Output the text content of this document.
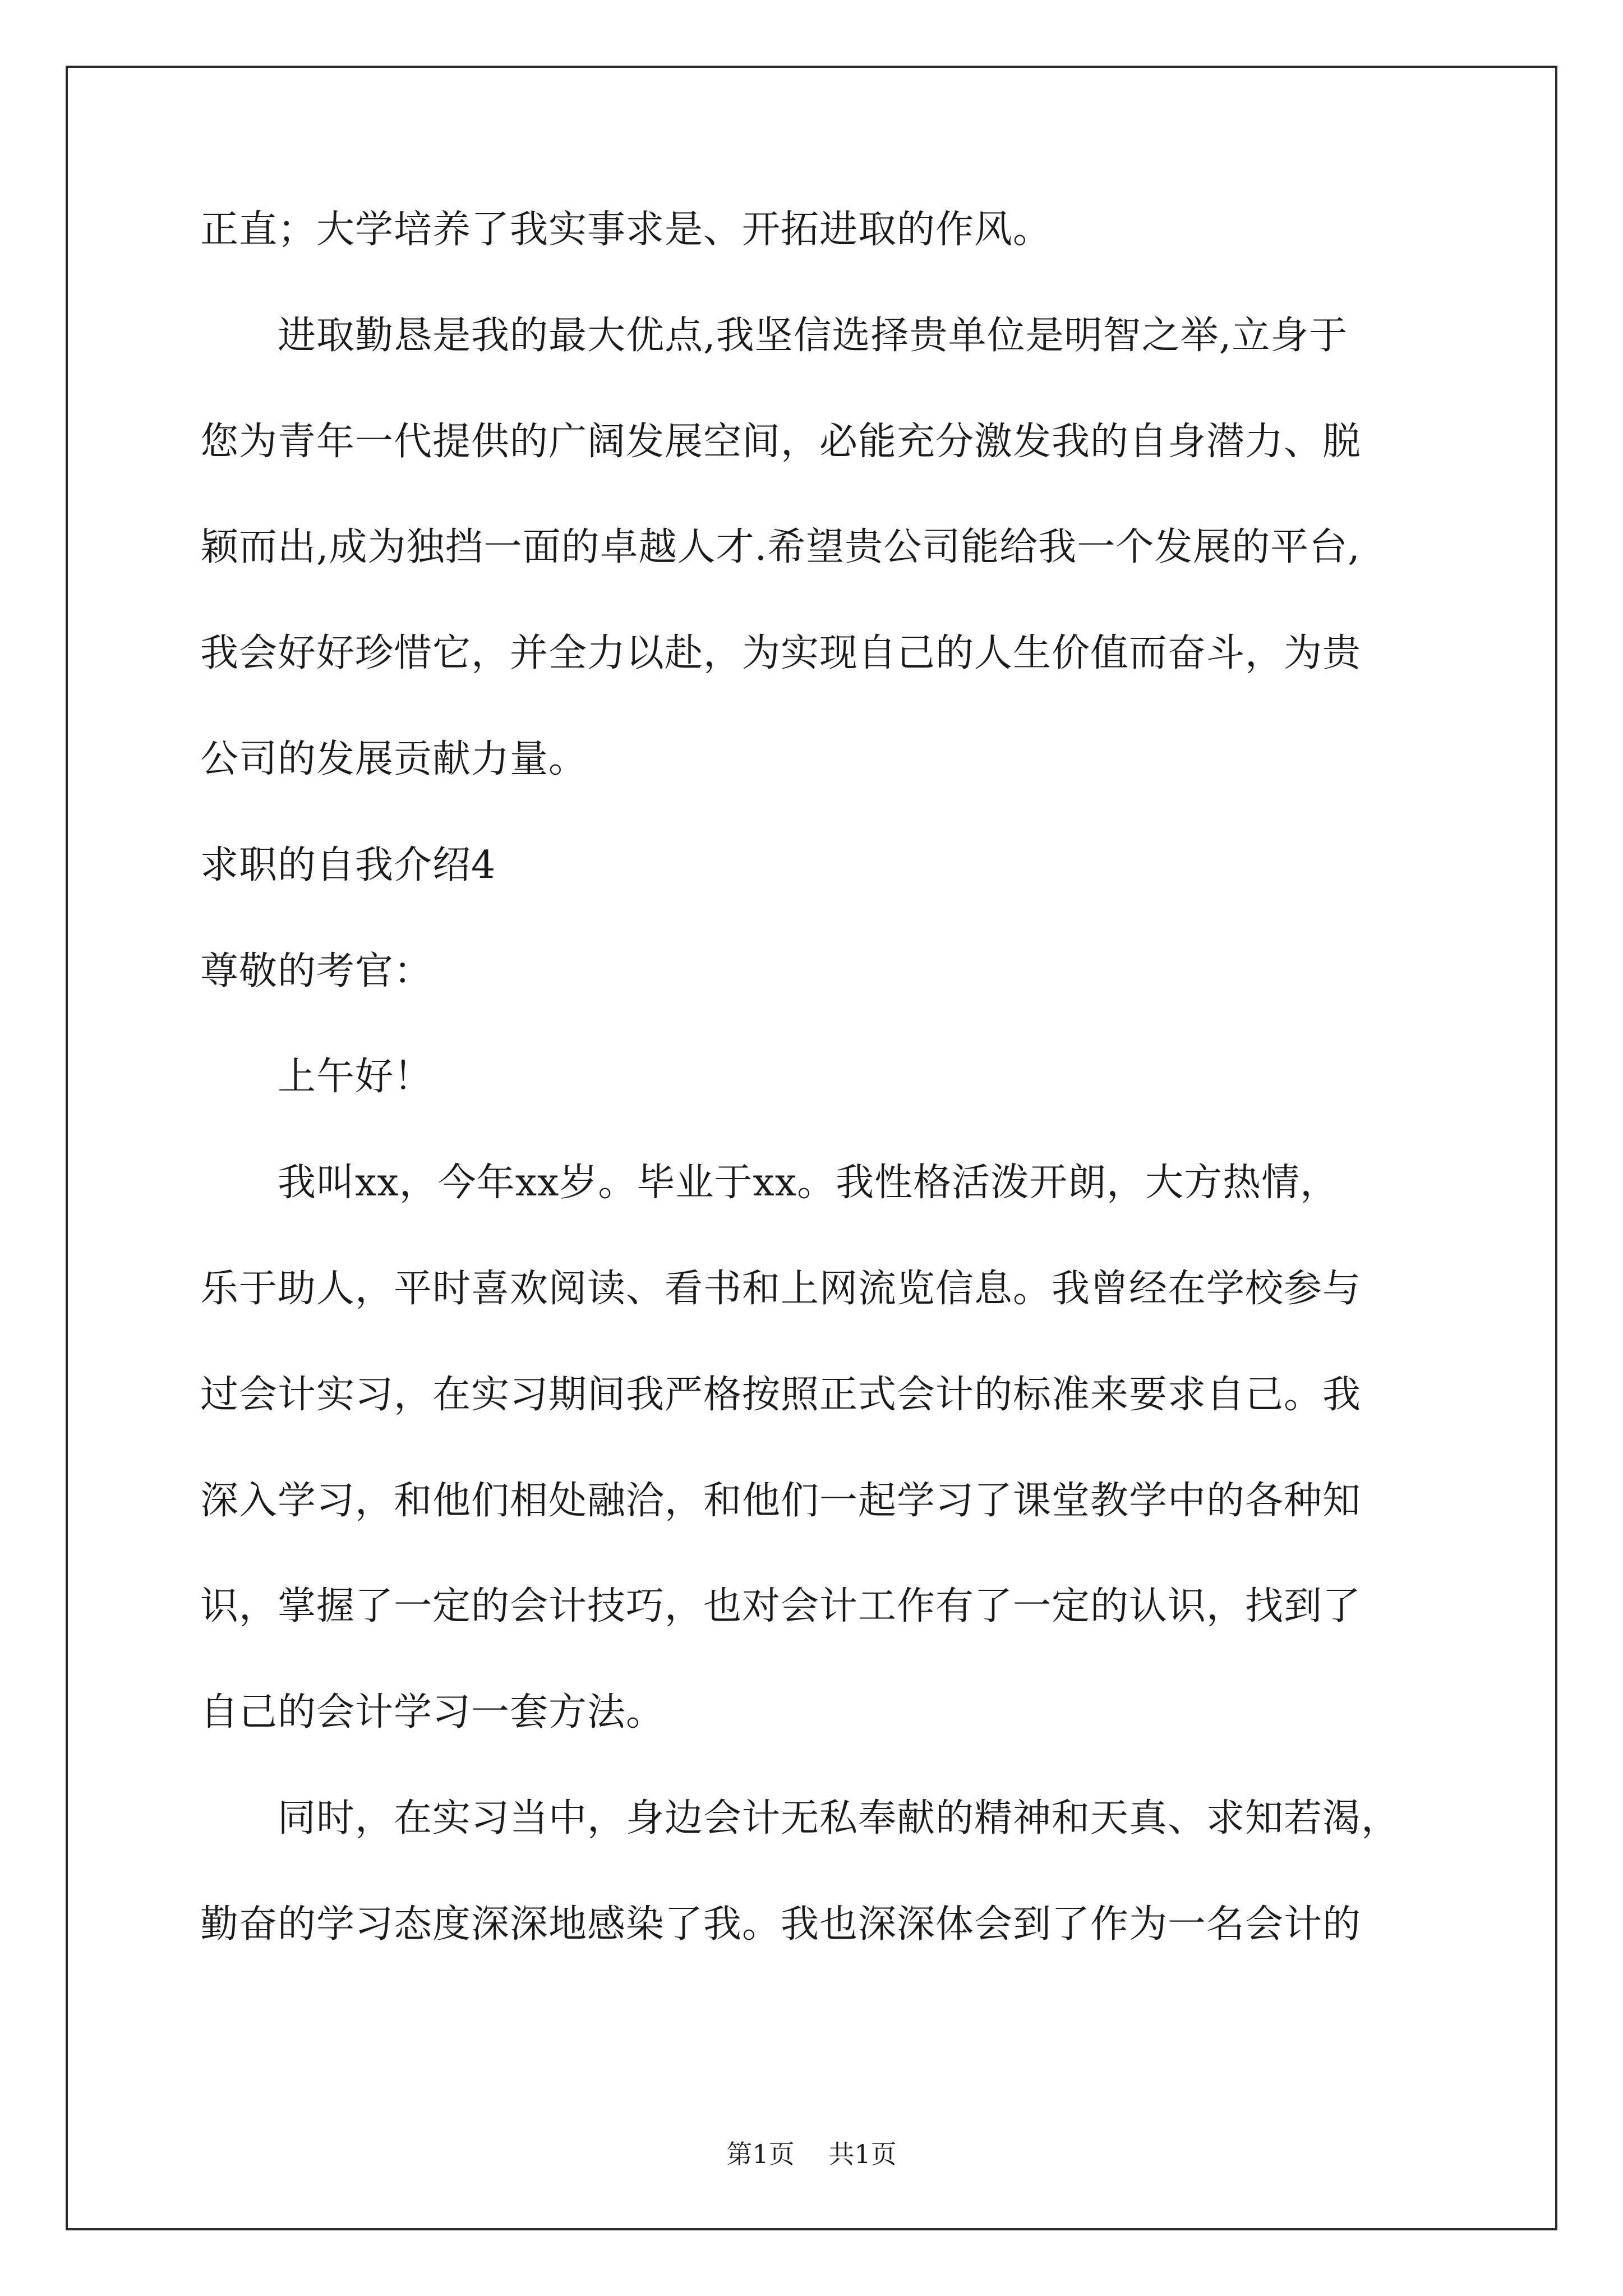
正直；大学培养了我实事求是、开拓进取的作风。
　　进取勤恳是我的最大优点,我坚信选择贵单位是明智之举,立身于
您为青年一代提供的广阔发展空间，必能充分激发我的自身潜力、脱
颖而出,成为独挡一面的卓越人才.希望贵公司能给我一个发展的平台,
我会好好珍惜它，并全力以赴，为实现自己的人生价值而奋斗，为贵
公司的发展贡献力量。
求职的自我介绍4
尊敬的考官：
　　上午好！
　　我叫xx，今年xx岁。毕业于xx。我性格活泼开朗，大方热情，
乐于助人，平时喜欢阅读、看书和上网流览信息。我曾经在学校参与
过会计实习，在实习期间我严格按照正式会计的标准来要求自己。我
深入学习，和他们相处融洽，和他们一起学习了课堂教学中的各种知
识，掌握了一定的会计技巧，也对会计工作有了一定的认识，找到了
自己的会计学习一套方法。
　　同时，在实习当中，身边会计无私奉献的精神和天真、求知若渴，
勤奋的学习态度深深地感染了我。我也深深体会到了作为一名会计的
第1页 共1页
